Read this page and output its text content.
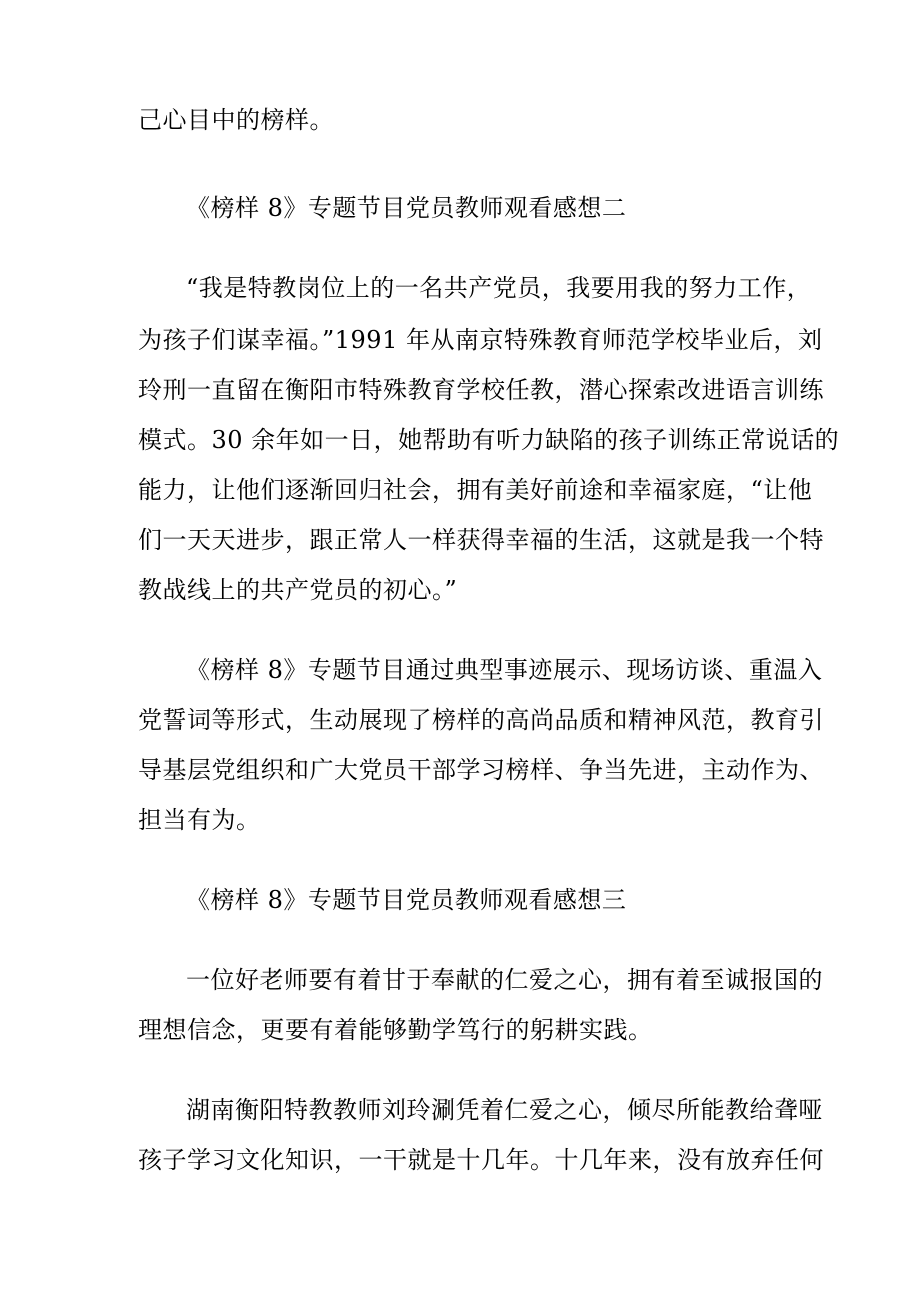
己心目中的榜样。
《榜样 8》专题节目党员教师观看感想二
“我是特教岗位上的一名共产党员，我要用我的努力工作，
为孩子们谋幸福。”1991 年从南京特殊教育师范学校毕业后，刘
玲刑一直留在衡阳市特殊教育学校任教，潜心探索改进语言训练
模式。30 余年如一日，她帮助有听力缺陷的孩子训练正常说话的
能力，让他们逐渐回归社会，拥有美好前途和幸福家庭，“让他
们一天天进步，跟正常人一样获得幸福的生活，这就是我一个特
教战线上的共产党员的初心。”
《榜样 8》专题节目通过典型事迹展示、现场访谈、重温入
党誓词等形式，生动展现了榜样的高尚品质和精神风范，教育引
导基层党组织和广大党员干部学习榜样、争当先进，主动作为、
担当有为。
《榜样 8》专题节目党员教师观看感想三
一位好老师要有着甘于奉献的仁爱之心，拥有着至诚报国的
理想信念，更要有着能够勤学笃行的躬耕实践。
湖南衡阳特教教师刘玲涮凭着仁爱之心，倾尽所能教给聋哑
孩子学习文化知识，一干就是十几年。十几年来，没有放弃任何
